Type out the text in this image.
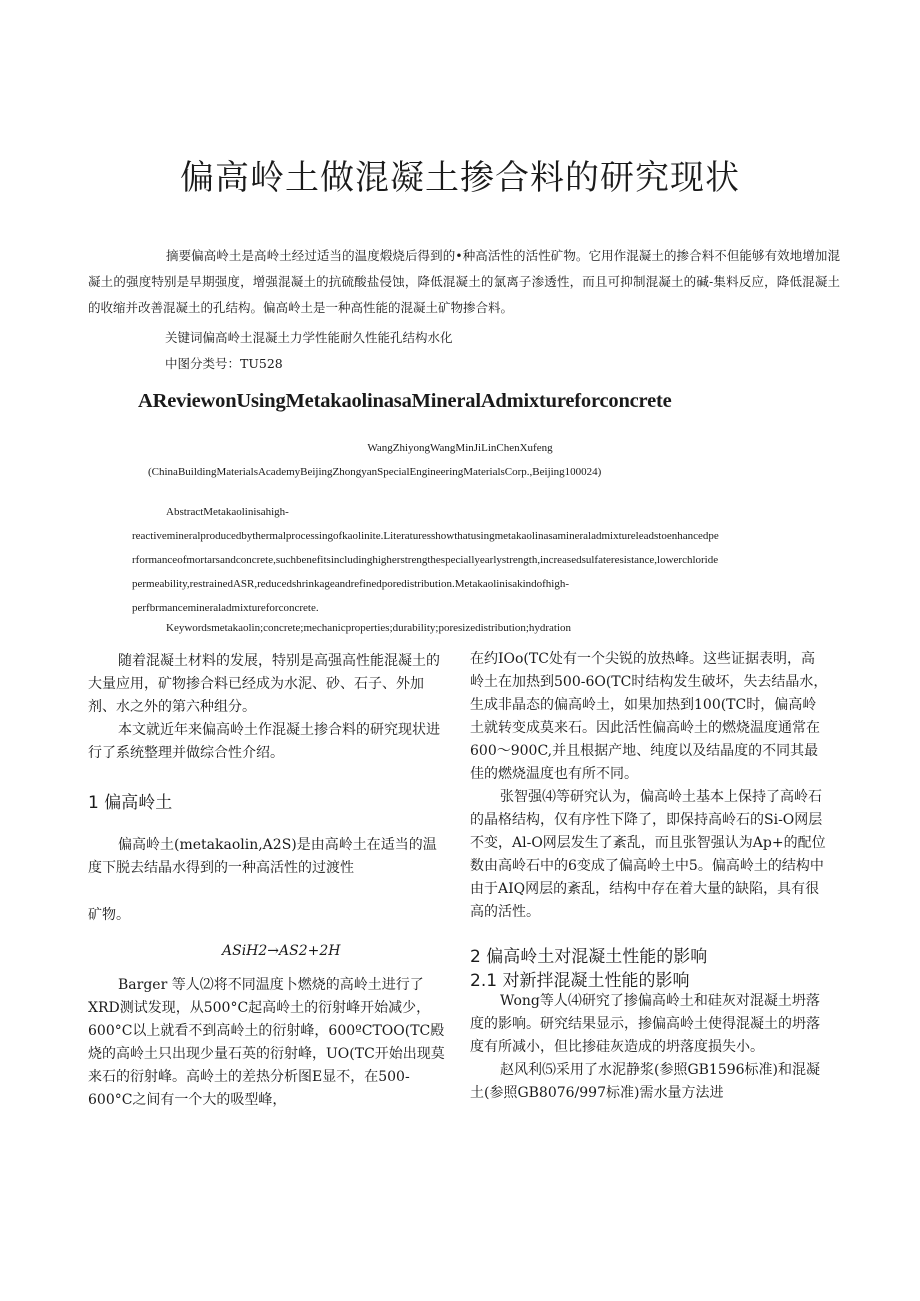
偏高岭土做混凝土掺合料的研究现状

摘要偏高岭土是高岭土经过适当的温度煅烧后得到的•种高活性的活性矿物。它用作混凝土的掺合料不但能够有效地增加混凝土的强度特别是早期强度，增强混凝土的抗硫酸盐侵蚀，降低混凝土的氯离子渗透性，而且可抑制混凝土的碱-集料反应，降低混凝土的收缩并改善混凝土的孔结构。偏高岭土是一种高性能的混凝土矿物掺合料。

关键词偏高岭土混凝土力学性能耐久性能孔结构水化
中图分类号：TU528
AReviewonUsingMetakaolinasaMineralAdmixtureforconcrete
WangZhiyongWangMinJiLinChenXufeng
(ChinaBuildingMaterialsAcademyBeijingZhongyanSpecialEngineeringMaterialsCorp.,Beijing100024)
AbstractMetakaolinisahigh-
reactivemineralproducedbythermalprocessingofkaolinite.Literaturesshowthatusingmetakaolinasamineraladmixtureleadstoenhancedpe
rformanceofmortarsandconcrete,suchbenefitsincludinghigherstrengthespeciallyearlystrength,increasedsulfateresistance,lowerchloride
permeability,restrainedASR,reducedshrinkageandrefinedporedistribution.Metakaolinisakindofhigh-
perfbrmancemineraladmixtureforconcrete.
Keywordsmetakaolin;concrete;mechanicproperties;durability;poresizedistribution;hydration

随着混凝土材料的发展，特别是高强高性能混凝土的大量应用，矿物掺合料已经成为水泥、砂、石子、外加剂、水之外的第六种组分。

本文就近年来偏高岭土作混凝土掺合料的研究现状进行了系统整理并做综合性介绍。

1 偏高岭土

偏高岭土(metakaolin,A2S)是由高岭土在适当的温度下脱去结晶水得到的一种高活性的过渡性

矿物。
ASiH2→AS2+2H

Barger 等人⑵将不同温度卜燃烧的高岭土进行了XRD测试发现，从500°C起高岭土的衍射峰开始减少，600°C以上就看不到高岭土的衍射峰，600ºCTOO(TC殿烧的高岭土只出现少量石英的衍射峰，UO(TC开始出现莫来石的衍射峰。高岭土的差热分析图E显不，在500-600°C之间有一个大的吸型峰，

在约IOo(TC处有一个尖锐的放热峰。这些证据表明，高岭土在加热到500-6O(TC时结构发生破坏，失去结晶水，生成非晶态的偏高岭土，如果加热到100(TC时，偏高岭土就转变成莫来石。因此活性偏高岭土的燃烧温度通常在600～900C,并且根据产地、纯度以及结晶度的不同其最佳的燃烧温度也有所不同。

张智强⑷等研究认为，偏高岭土基本上保持了高岭石的晶格结构，仅有序性下降了，即保持高岭石的Si-O网层不变，Al-O网层发生了紊乱，而且张智强认为Ap+的配位数由高岭石中的6变成了偏高岭土中5。偏高岭土的结构中由于AIQ网层的紊乱，结构中存在着大量的缺陷，具有很高的活性。

2 偏高岭土对混凝土性能的影响
2.1 对新拌混凝土性能的影响

Wong等人⑷研究了掺偏高岭土和硅灰对混凝土坍落度的影响。研究结果显示，掺偏高岭土使得混凝土的坍落度有所减小，但比掺硅灰造成的坍落度损失小。

赵风利⑸采用了水泥静浆(参照GB1596标准)和混凝土(参照GB8076/997标准)需水量方法进
